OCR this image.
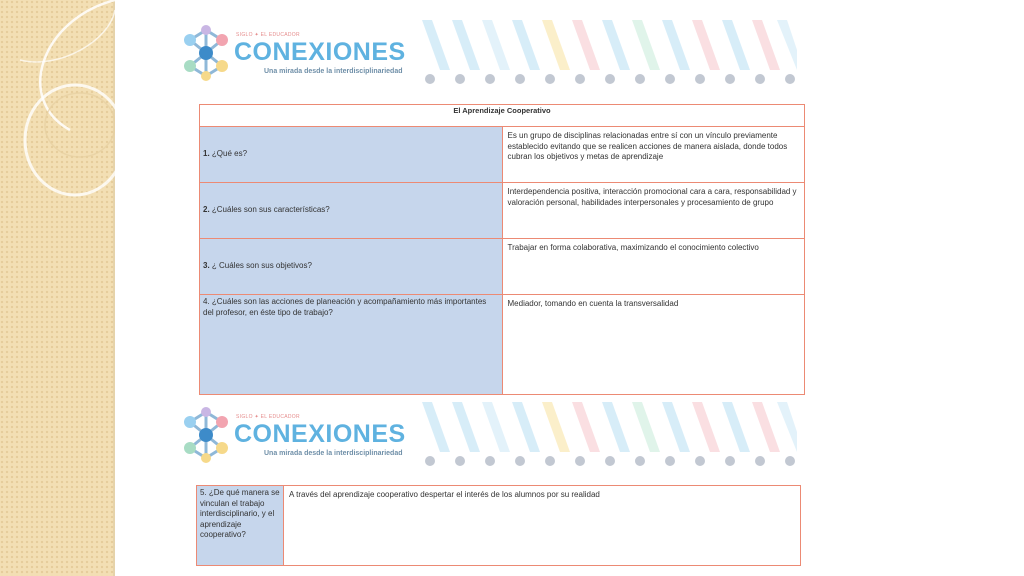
SIGLO ✦ EL EDUCADOR
CONEXIONES
Una mirada desde la interdisciplinariedad
El Aprendizaje Cooperativo	
1. ¿Qué es?	Es un grupo de disciplinas relacionadas entre sí con un vínculo previamente establecido evitando que se realicen acciones de manera aislada, donde todos cubran los objetivos y metas de aprendizaje
2. ¿Cuáles son sus características?	Interdependencia positiva, interacción promocional cara a cara, responsabilidad y valoración personal, habilidades interpersonales y procesamiento de grupo
3. ¿ Cuáles son sus objetivos?	Trabajar en forma colaborativa, maximizando el conocimiento colectivo
4. ¿Cuáles son las acciones de planeación y acompañamiento más importantes del profesor, en éste tipo de trabajo?	Mediador, tomando en cuenta la transversalidad
SIGLO ✦ EL EDUCADOR
CONEXIONES
Una mirada desde la interdisciplinariedad
5. ¿De qué manera se vinculan el trabajo interdisciplinario, y el aprendizaje cooperativo?	A través del aprendizaje cooperativo despertar el interés de los alumnos por su realidad
